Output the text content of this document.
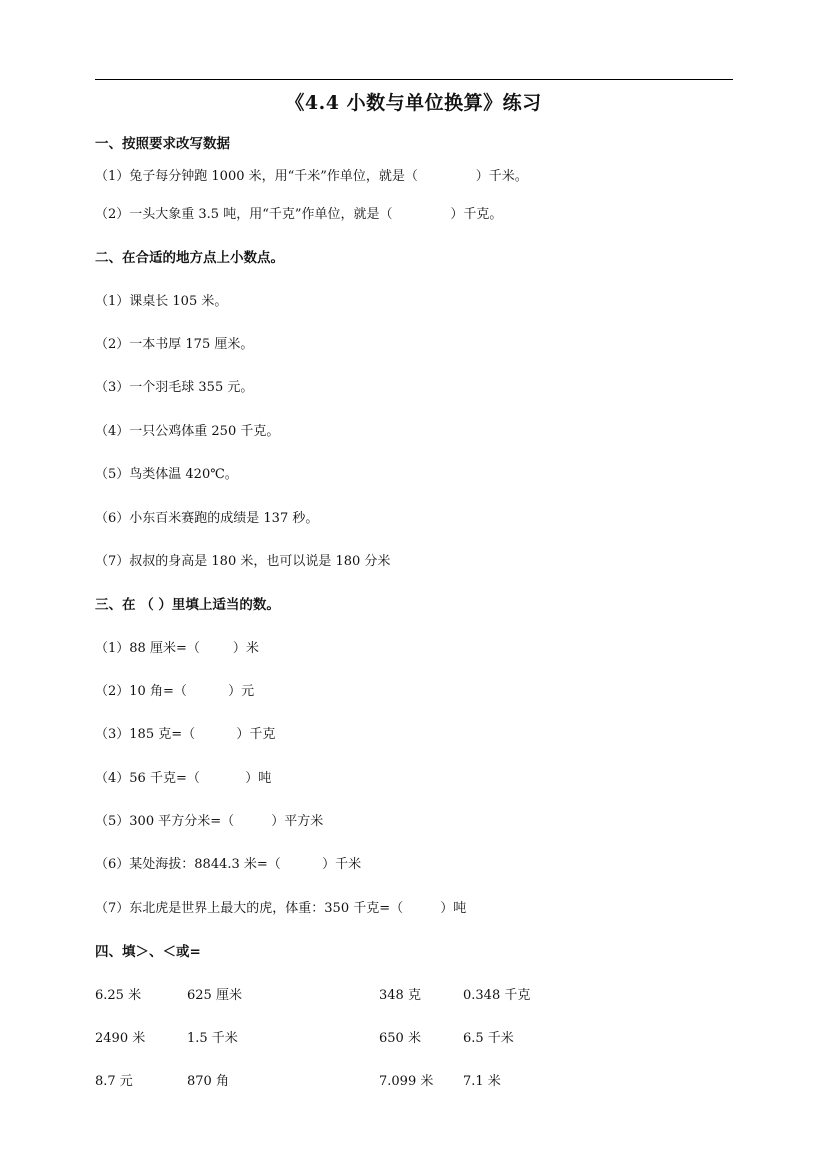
《4.4 小数与单位换算》练习
一、按照要求改写数据
（1）兔子每分钟跑 1000 米，用“千米”作单位，就是（              ）千米。
（2）一头大象重 3.5 吨，用“千克”作单位，就是（              ）千克。
二、在合适的地方点上小数点。
（1）课桌长 105 米。
（2）一本书厚 175 厘米。
（3）一个羽毛球 355 元。
（4）一只公鸡体重 250 千克。
（5）鸟类体温 420℃。
（6）小东百米赛跑的成绩是 137 秒。
（7）叔叔的身高是 180 米，也可以说是 180 分米
三、在 （ ）里填上适当的数。
（1）88 厘米=（        ）米
（2）10 角=（          ）元
（3）185 克=（          ）千克
（4）56 千克=（           ）吨
（5）300 平方分米=（         ）平方米
（6）某处海拔：8844.3 米=（          ）千米
（7）东北虎是世界上最大的虎，体重：350 千克=（         ）吨
四、填＞、＜或=
6.25 米	625 厘米	348 克	0.348 千克
2490 米	1.5 千米	650 米	6.5 千米
8.7 元	870 角	7.099 米 7.1 米
